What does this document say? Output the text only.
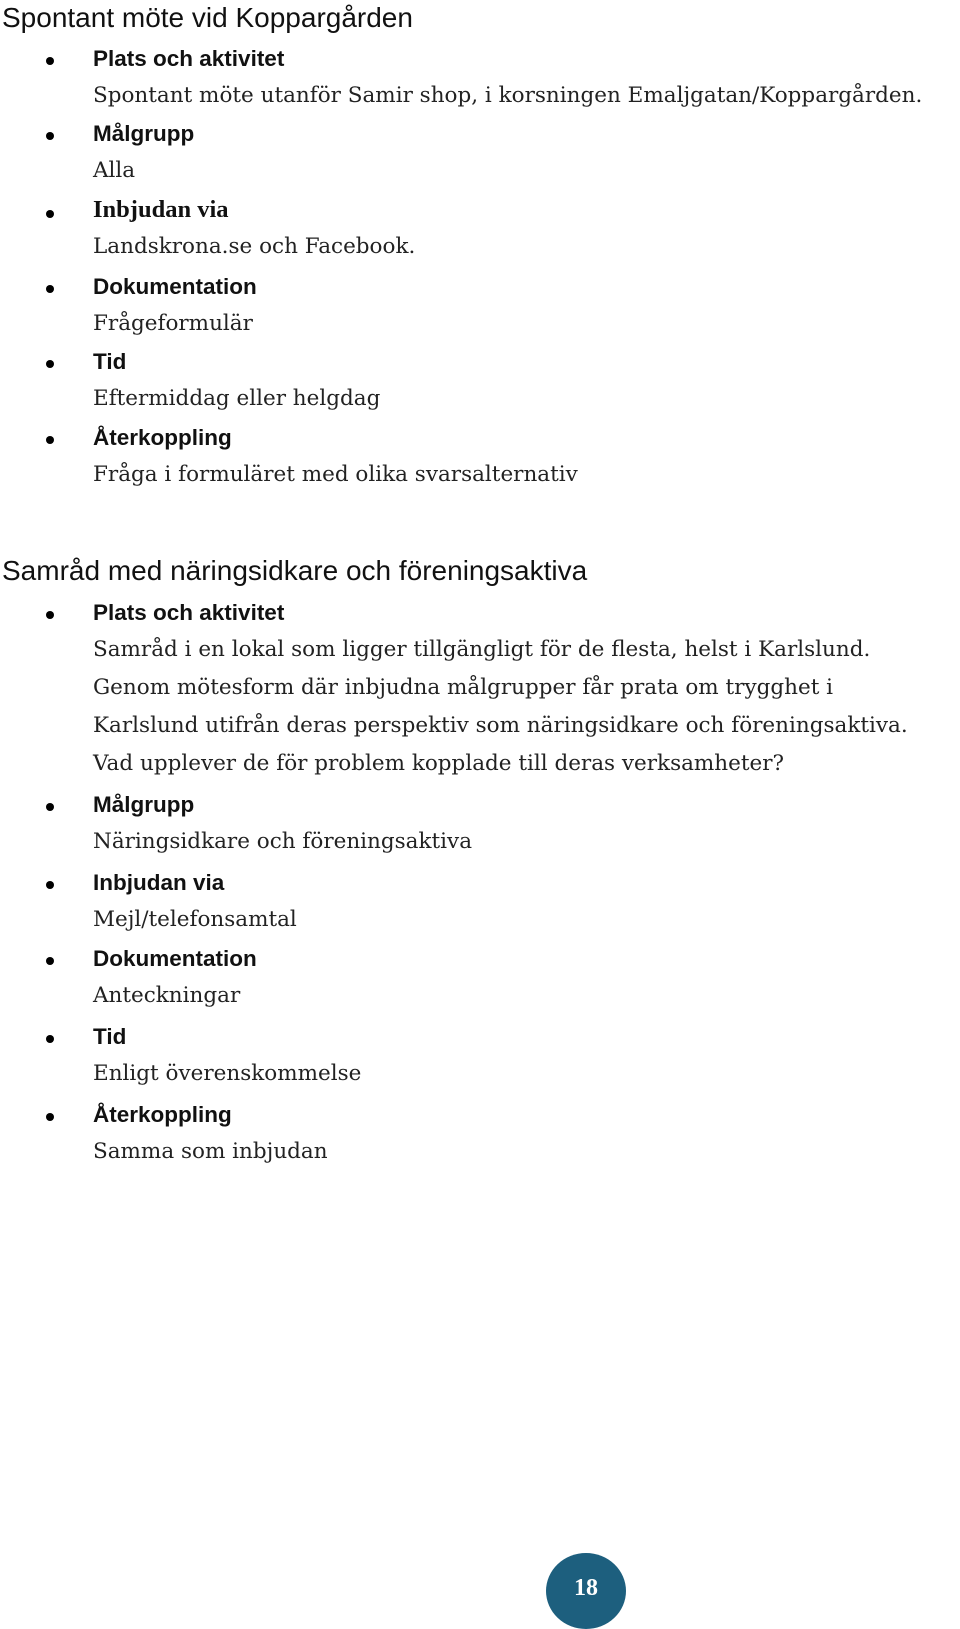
Spontant möte vid Koppargården
Plats och aktivitet
Spontant möte utanför Samir shop, i korsningen Emaljgatan/Koppargården.
Målgrupp
Alla
Inbjudan via
Landskrona.se och Facebook.
Dokumentation
Frågeformulär
Tid
Eftermiddag eller helgdag
Återkoppling
Fråga i formuläret med olika svarsalternativ
Samråd med näringsidkare och föreningsaktiva
Plats och aktivitet
Samråd i en lokal som ligger tillgängligt för de flesta, helst i Karlslund.
Genom mötesform där inbjudna målgrupper får prata om trygghet i
Karlslund utifrån deras perspektiv som näringsidkare och föreningsaktiva.
Vad upplever de för problem kopplade till deras verksamheter?
Målgrupp
Näringsidkare och föreningsaktiva
Inbjudan via
Mejl/telefonsamtal
Dokumentation
Anteckningar
Tid
Enligt överenskommelse
Återkoppling
Samma som inbjudan
18
